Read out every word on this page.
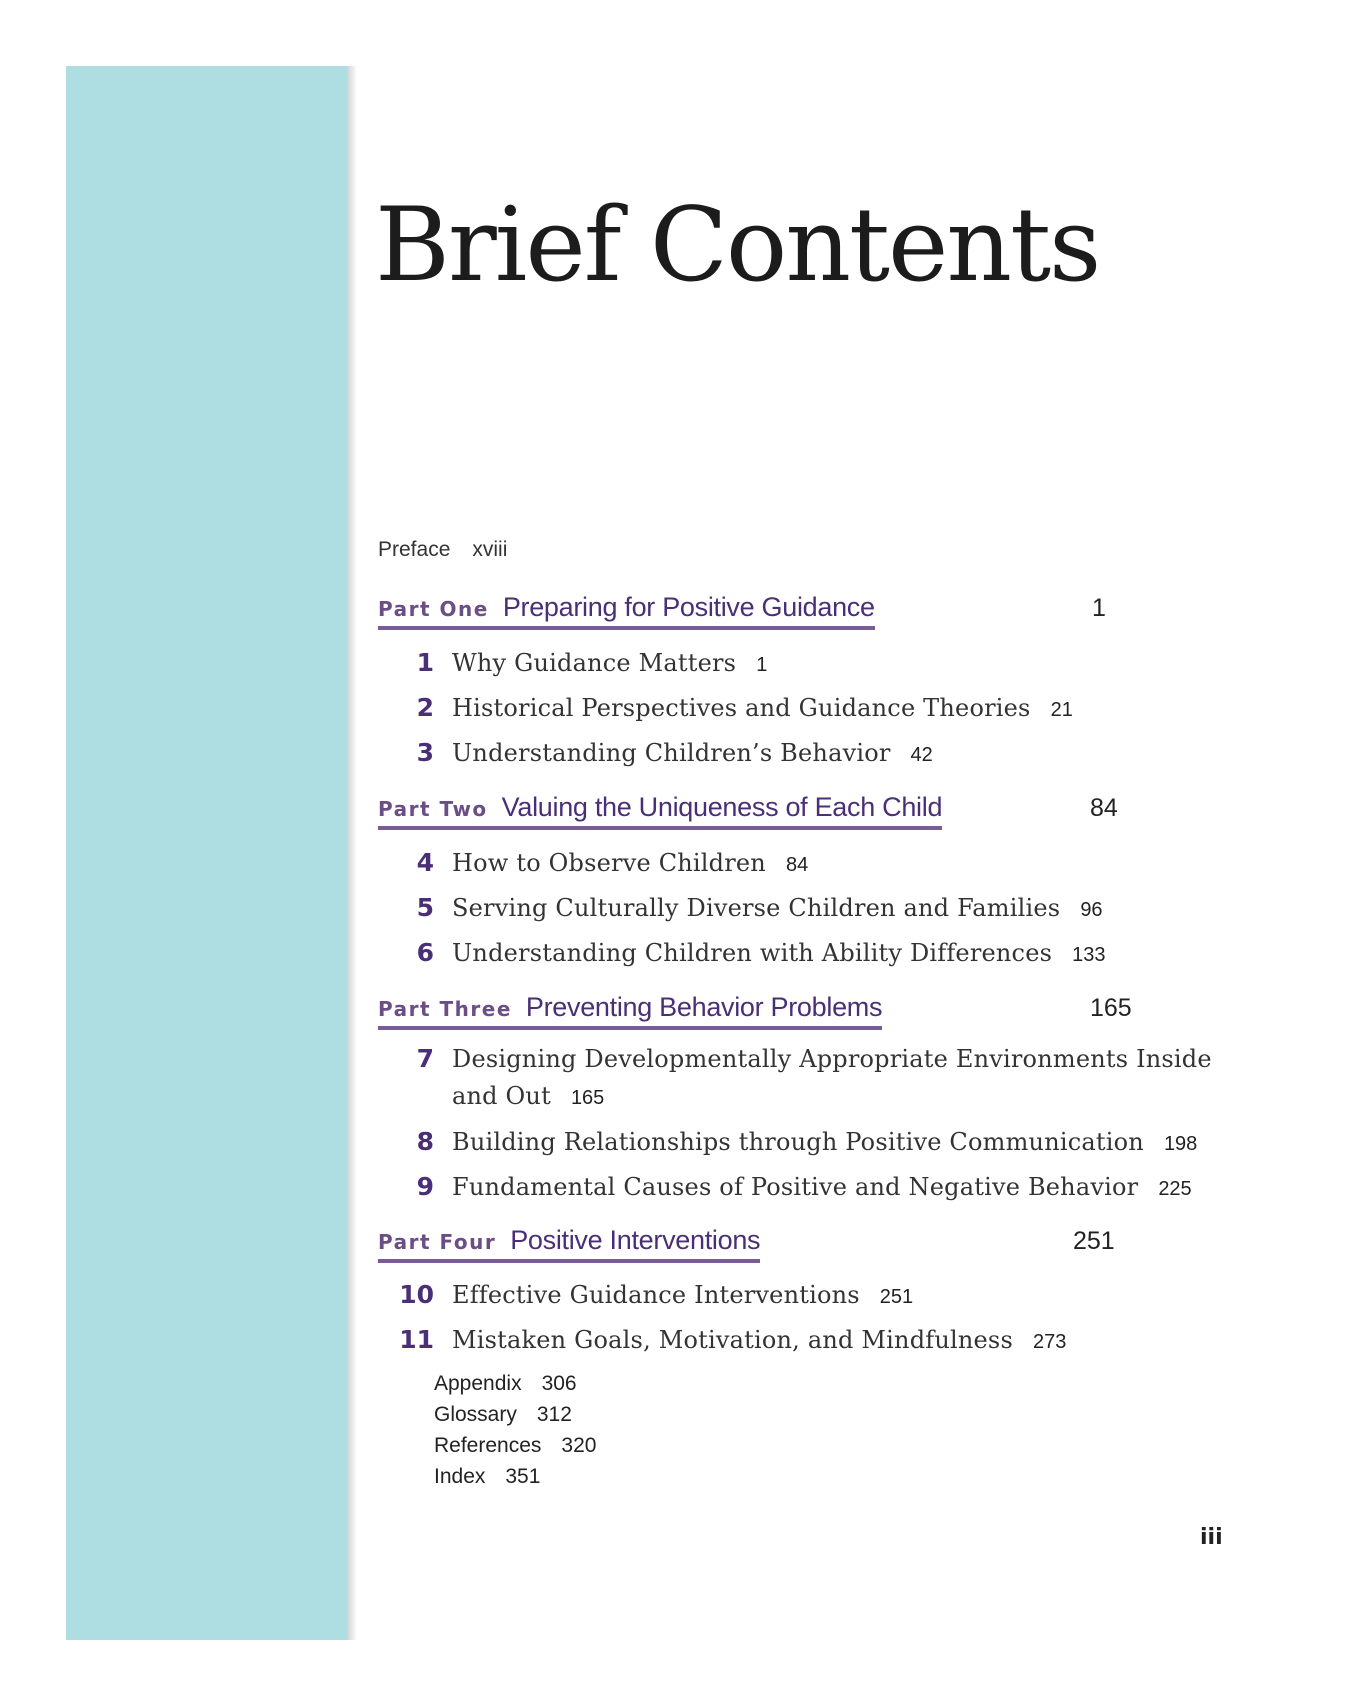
Brief Contents
Preface xviii
Part One Preparing for Positive Guidance	1
1 Why Guidance Matters 1
2 Historical Perspectives and Guidance Theories 21
3 Understanding Children’s Behavior 42
Part Two Valuing the Uniqueness of Each Child	84
4 How to Observe Children 84
5 Serving Culturally Diverse Children and Families 96
6 Understanding Children with Ability Differences 133
Part Three Preventing Behavior Problems	165
7 Designing Developmentally Appropriate Environments Inside and Out 165
8 Building Relationships through Positive Communication 198
9 Fundamental Causes of Positive and Negative Behavior 225
Part Four Positive Interventions	251
10 Effective Guidance Interventions 251
11 Mistaken Goals, Motivation, and Mindfulness 273
Appendix 306
Glossary 312
References 320
Index 351
iii
